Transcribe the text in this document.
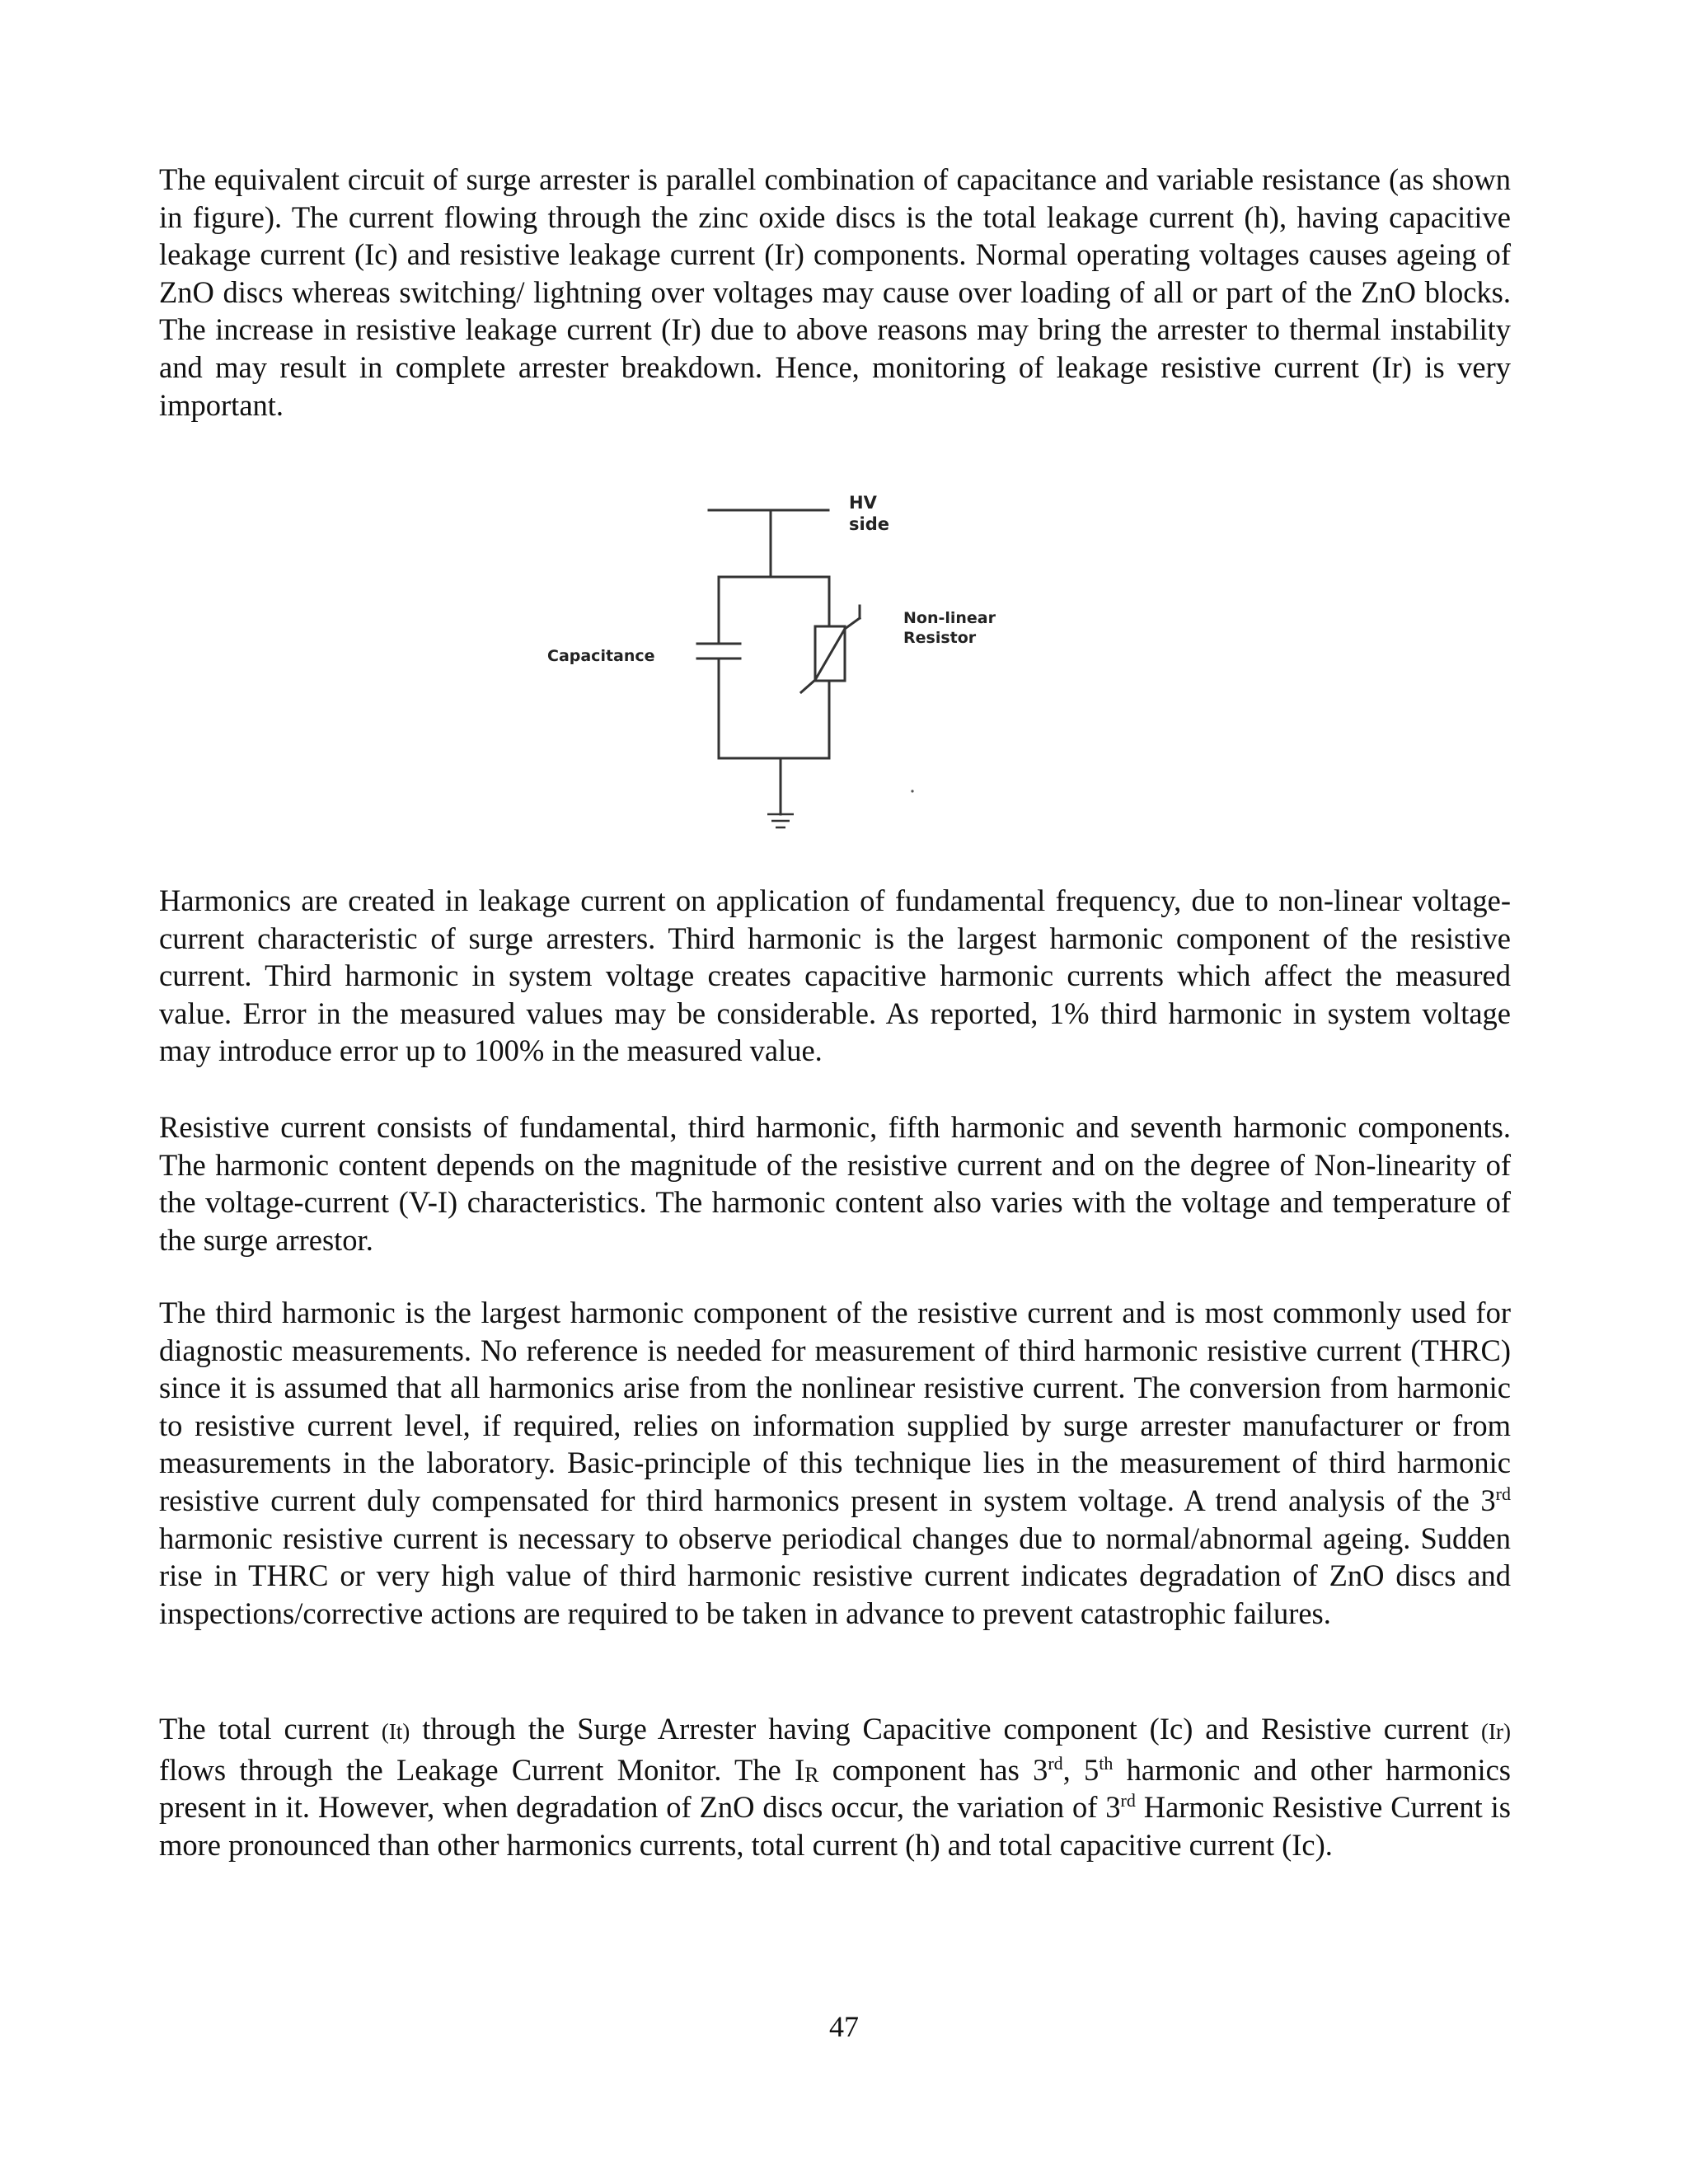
The equivalent circuit of surge arrester is parallel combination of capacitance and variable resistance (as shown in figure). The current flowing through the zinc oxide discs is the total leakage current (h), having capacitive leakage current (Ic) and resistive leakage current (Ir) components. Normal operating voltages causes ageing of ZnO discs whereas switching/ lightning over voltages may cause over loading of all or part of the ZnO blocks. The increase in resistive leakage current (Ir) due to above reasons may bring the arrester to thermal instability and may result in complete arrester breakdown. Hence, monitoring of leakage resistive current (Ir) is very important.

HV
side
Non-linear
Resistor
Capacitance

Harmonics are created in leakage current on application of fundamental frequency, due to non-linear voltage-current characteristic of surge arresters. Third harmonic is the largest harmonic component of the resistive current. Third harmonic in system voltage creates capacitive harmonic currents which affect the measured value. Error in the measured values may be considerable. As reported, 1% third harmonic in system voltage may introduce error up to 100% in the measured value.

Resistive current consists of fundamental, third harmonic, fifth harmonic and seventh harmonic components. The harmonic content depends on the magnitude of the resistive current and on the degree of Non-linearity of the voltage-current (V-I) characteristics. The harmonic content also varies with the voltage and temperature of the surge arrestor.

The third harmonic is the largest harmonic component of the resistive current and is most commonly used for diagnostic measurements. No reference is needed for measurement of third harmonic resistive current (THRC) since it is assumed that all harmonics arise from the nonlinear resistive current. The conversion from harmonic to resistive current level, if required, relies on information supplied by surge arrester manufacturer or from measurements in the laboratory. Basic-principle of this technique lies in the measurement of third harmonic resistive current duly compensated for third harmonics present in system voltage. A trend analysis of the 3rd harmonic resistive current is necessary to observe periodical changes due to normal/abnormal ageing. Sudden rise in THRC or very high value of third harmonic resistive current indicates degradation of ZnO discs and inspections/corrective actions are required to be taken in advance to prevent catastrophic failures.

The total current (It) through the Surge Arrester having Capacitive component (Ic) and Resistive current (Ir) flows through the Leakage Current Monitor. The $I_R$ component has 3rd, 5th harmonic and other harmonics present in it. However, when degradation of ZnO discs occur, the variation of 3rd Harmonic Resistive Current is more pronounced than other harmonics currents, total current (h) and total capacitive current (Ic).

47
